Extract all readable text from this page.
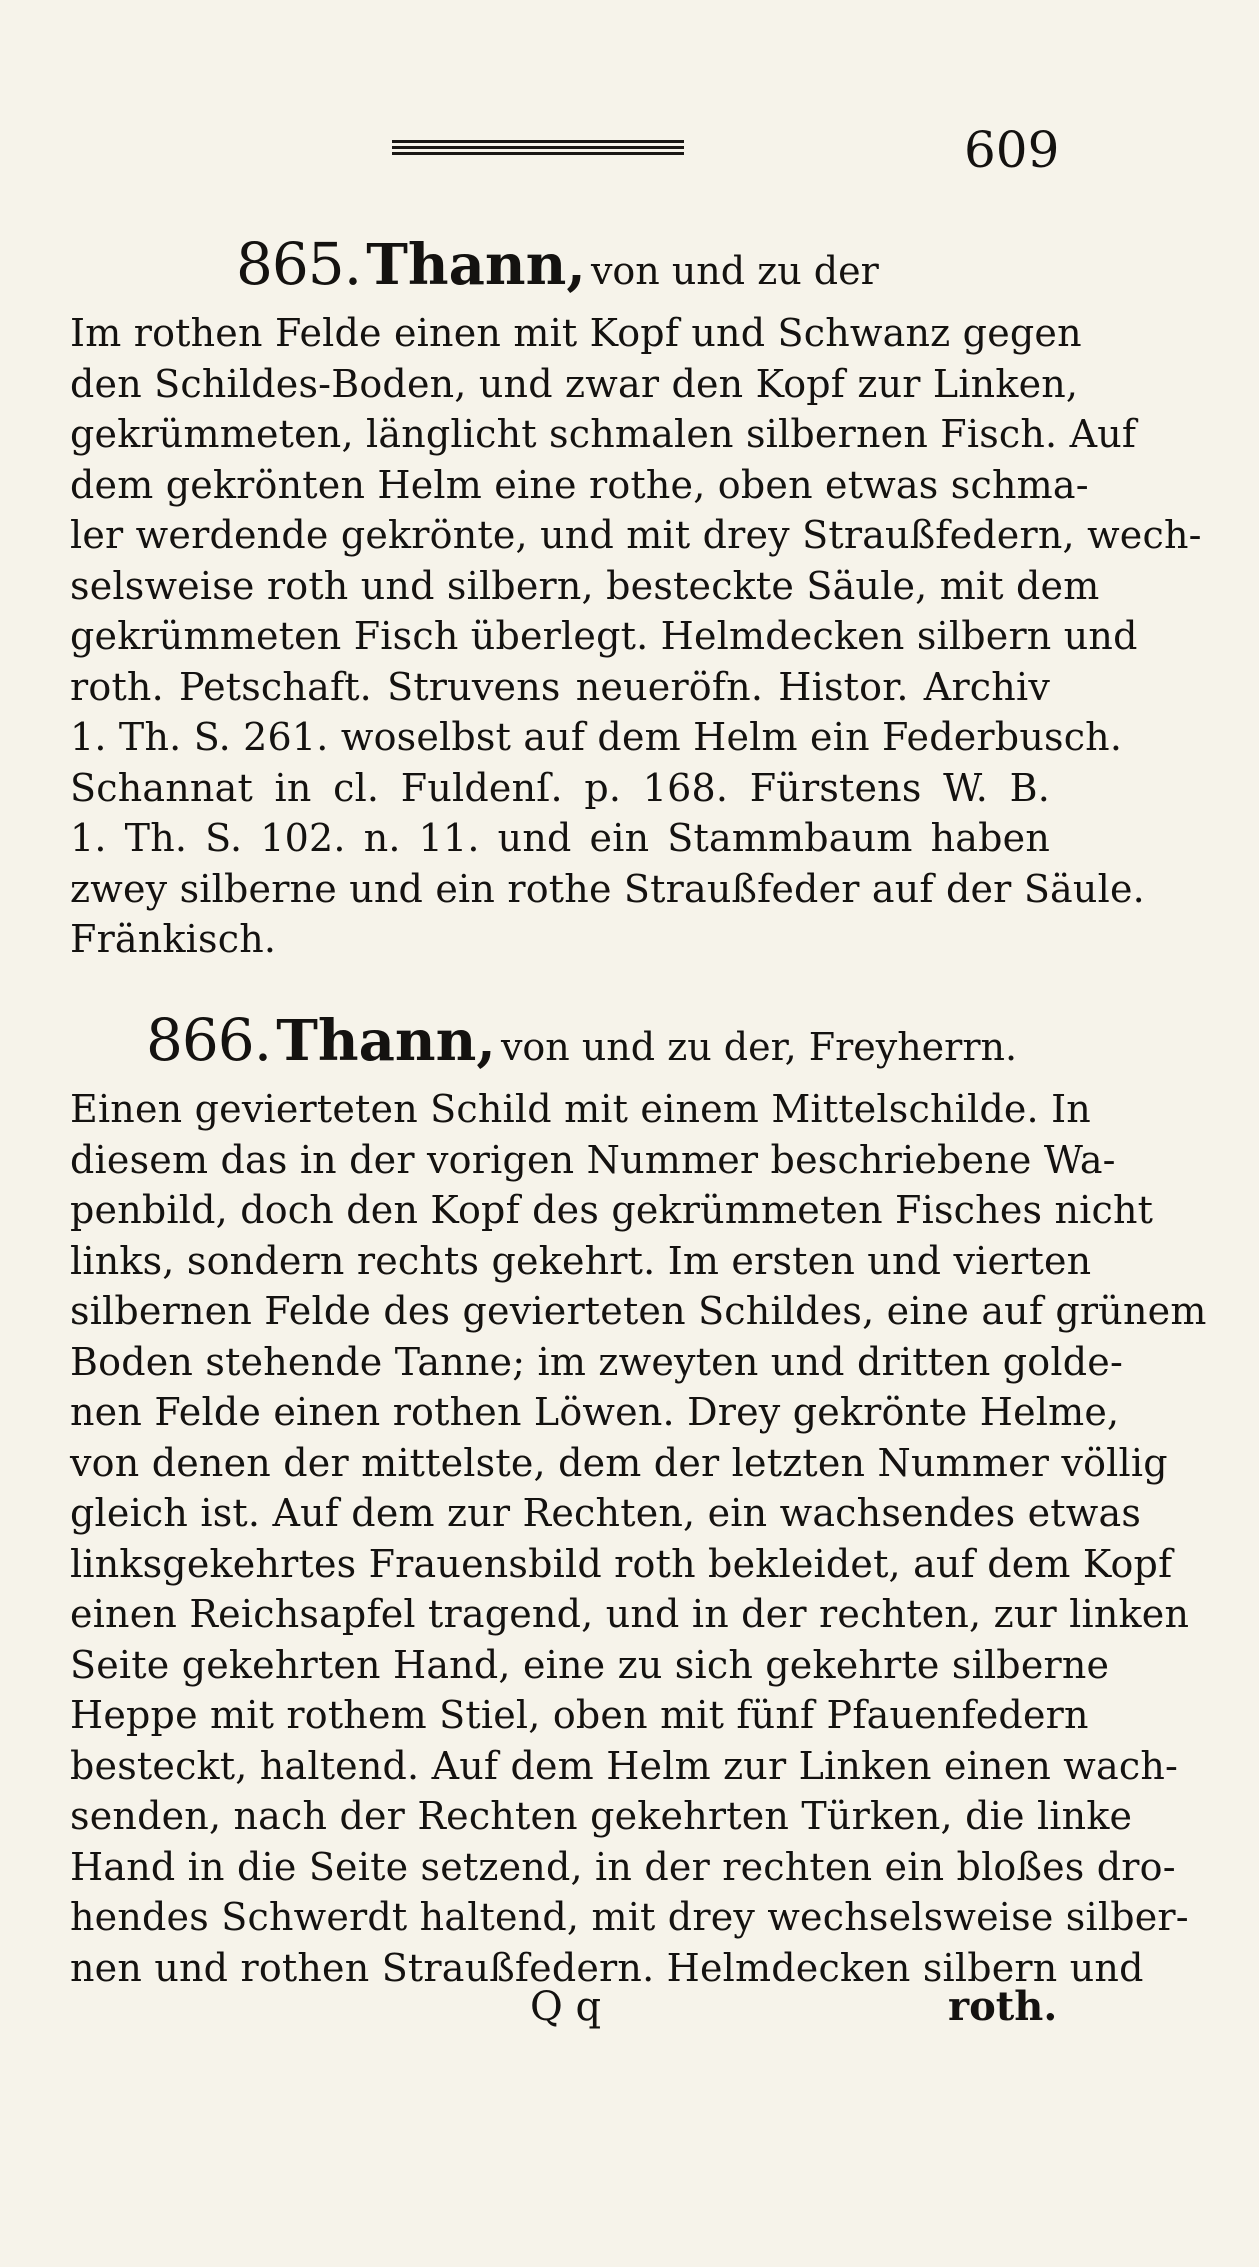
609
865. Thann, von und zu der
Im rothen Felde einen mit Kopf und Schwanz gegen
den Schildes-Boden, und zwar den Kopf zur Linken,
gekrümmeten, länglicht schmalen silbernen Fisch. Auf
dem gekrönten Helm eine rothe, oben etwas schma-
ler werdende gekrönte, und mit drey Straußfedern, wech-
selsweise roth und silbern, besteckte Säule, mit dem
gekrümmeten Fisch überlegt. Helmdecken silbern und
roth. Petschaft. Struvens neueröfn. Histor. Archiv
1. Th. S. 261. woselbst auf dem Helm ein Federbusch.
Schannat in cl. Fuldenſ. p. 168. Fürstens W. B.
1. Th. S. 102. n. 11. und ein Stammbaum haben
zwey silberne und ein rothe Straußfeder auf der Säule.
Fränkisch.
866. Thann, von und zu der, Freyherrn.
Einen gevierteten Schild mit einem Mittelschilde. In
diesem das in der vorigen Nummer beschriebene Wa-
penbild, doch den Kopf des gekrümmeten Fisches nicht
links, sondern rechts gekehrt. Im ersten und vierten
silbernen Felde des gevierteten Schildes, eine auf grünem
Boden stehende Tanne; im zweyten und dritten golde-
nen Felde einen rothen Löwen. Drey gekrönte Helme,
von denen der mittelste, dem der letzten Nummer völlig
gleich ist. Auf dem zur Rechten, ein wachsendes etwas
linksgekehrtes Frauensbild roth bekleidet, auf dem Kopf
einen Reichsapfel tragend, und in der rechten, zur linken
Seite gekehrten Hand, eine zu sich gekehrte silberne
Heppe mit rothem Stiel, oben mit fünf Pfauenfedern
besteckt, haltend. Auf dem Helm zur Linken einen wach-
senden, nach der Rechten gekehrten Türken, die linke
Hand in die Seite setzend, in der rechten ein bloßes dro-
hendes Schwerdt haltend, mit drey wechselsweise silber-
nen und rothen Straußfedern. Helmdecken silbern und
Q q	roth.
